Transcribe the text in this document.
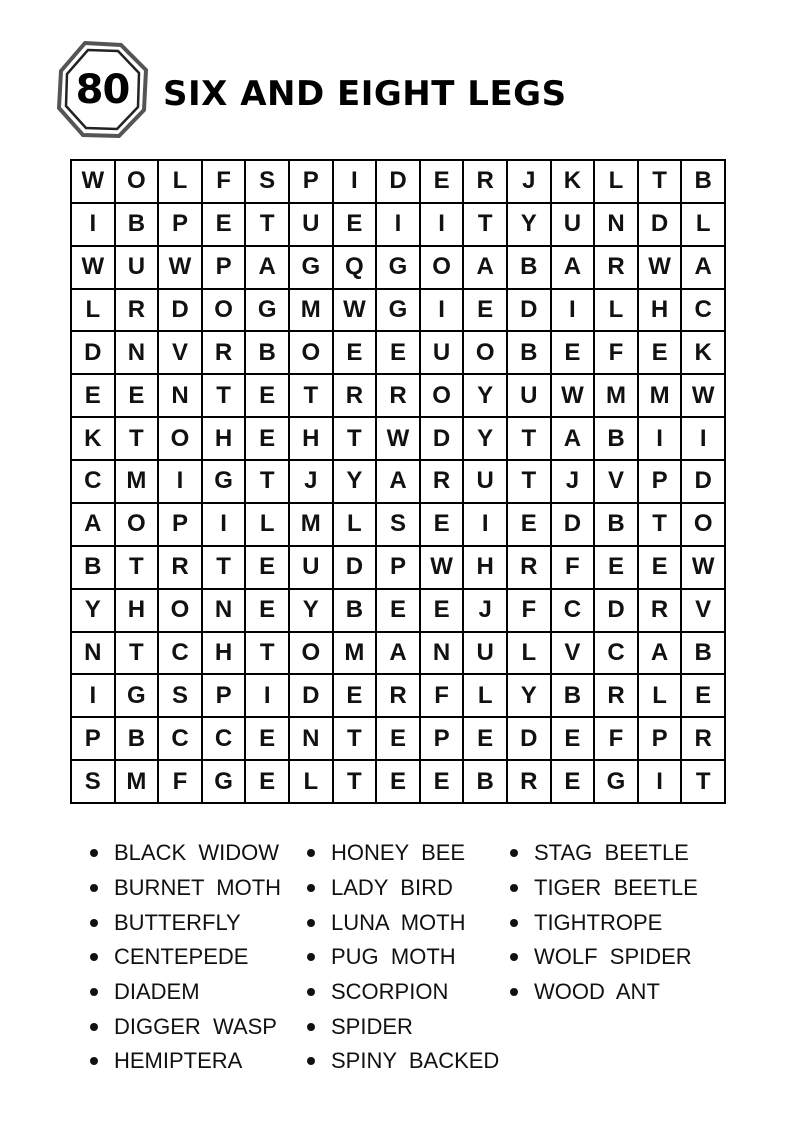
80 SIX AND EIGHT LEGS
W O	L	F	S	P	I	D	E	R	J	K	L	T	B
I	B	P	E	T	U	E	I	I	T	Y	U	N	D	L
W U W	P	A	G	Q	G	O	A	B	A	R W A
L	R	D	O	G	M W G	I	E	D	I	L	H	C
D	N	V	R	B	O	E	E	U	O	B	E	F	E	K
E	E	N	T	E	T	R	R	O	Y	U W M M W
K	T	O	H	E	H	T	W D	Y	T	A	B	I	I
C	M	I	G	T	J	Y	A	R	U	T	J	V	P	D
A	O	P	I	L	M	L	S	E	I	E	D	B	T	O
B	T	R	T	E	U	D	P	W H	R	F	E	E	W
Y	H	O	N	E	Y	B	E	E	J	F	C	D	R	V
N	T	C	H	T	O	M	A	N	U	L	V	C	A	B
I	G	S	P	I	D	E	R	F	L	Y	B	R	L	E
P	B	C	C	E	N	T	E	P	E	D	E	F	P	R
S	M	F	G	E	L	T	E	E	B	R	E	G	I	T
BLACK  WIDOW
BURNET  MOTH
BUTTERFLY
CENTEPEDE
DIADEM
DIGGER  WASP
HEMIPTERA
HONEY  BEE
LADY  BIRD
LUNA  MOTH
PUG  MOTH
SCORPION
SPIDER
SPINY  BACKED
STAG  BEETLE
TIGER  BEETLE
TIGHTROPE
WOLF  SPIDER
WOOD  ANT
